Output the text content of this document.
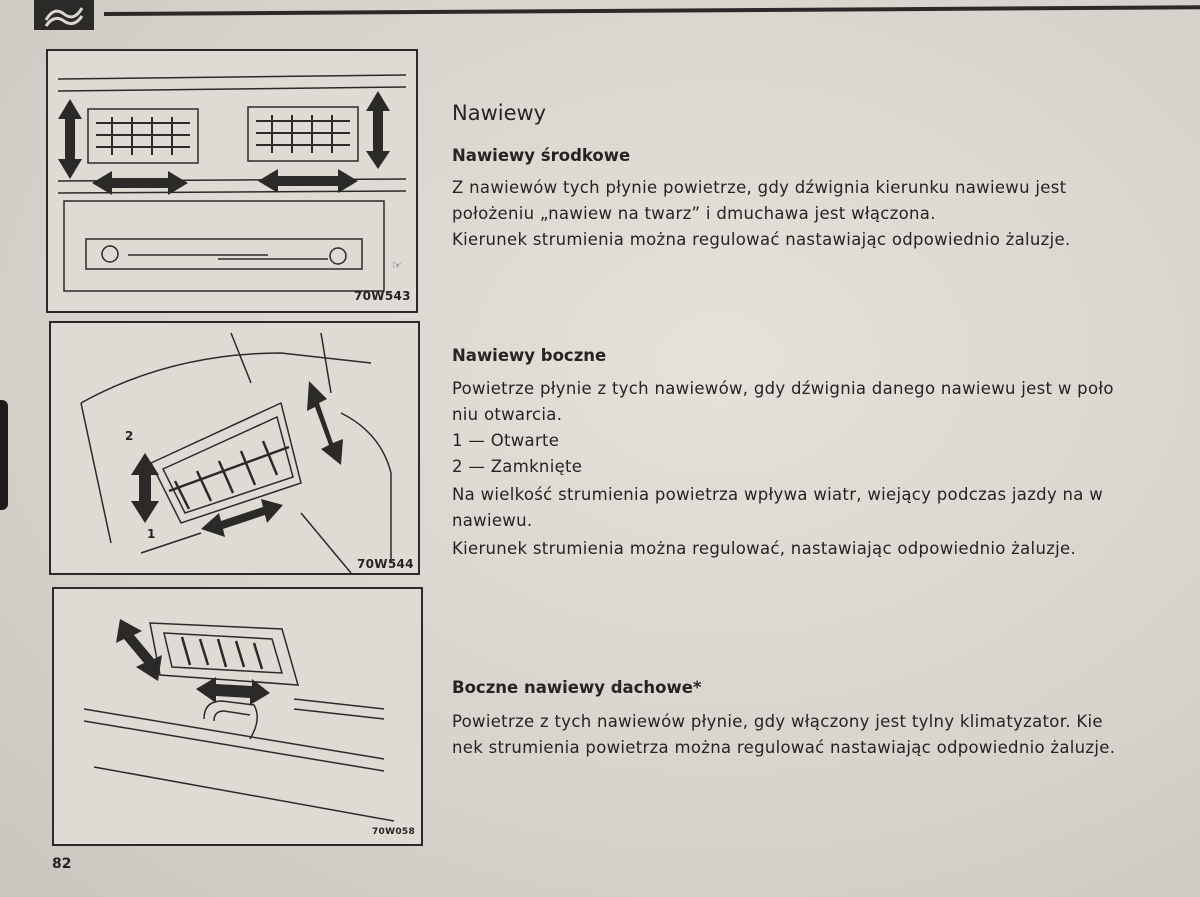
☞
70W543
2
1
70W544
70W058
Nawiewy
Nawiewy środkowe
Z nawiewów tych płynie powietrze, gdy dźwignia kierunku nawiewu jest
położeniu „nawiew na twarz” i dmuchawa jest włączona.
Kierunek strumienia można regulować nastawiając odpowiednio żaluzje.
Nawiewy boczne
Powietrze płynie z tych nawiewów, gdy dźwignia danego nawiewu jest w poło
niu otwarcia.
1 — Otwarte
2 — Zamknięte
Na wielkość strumienia powietrza wpływa wiatr, wiejący podczas jazdy na w
nawiewu.
Kierunek strumienia można regulować, nastawiając odpowiednio żaluzje.
Boczne nawiewy dachowe*
Powietrze z tych nawiewów płynie, gdy włączony jest tylny klimatyzator. Kie
nek strumienia powietrza można regulować nastawiając odpowiednio żaluzje.
82
